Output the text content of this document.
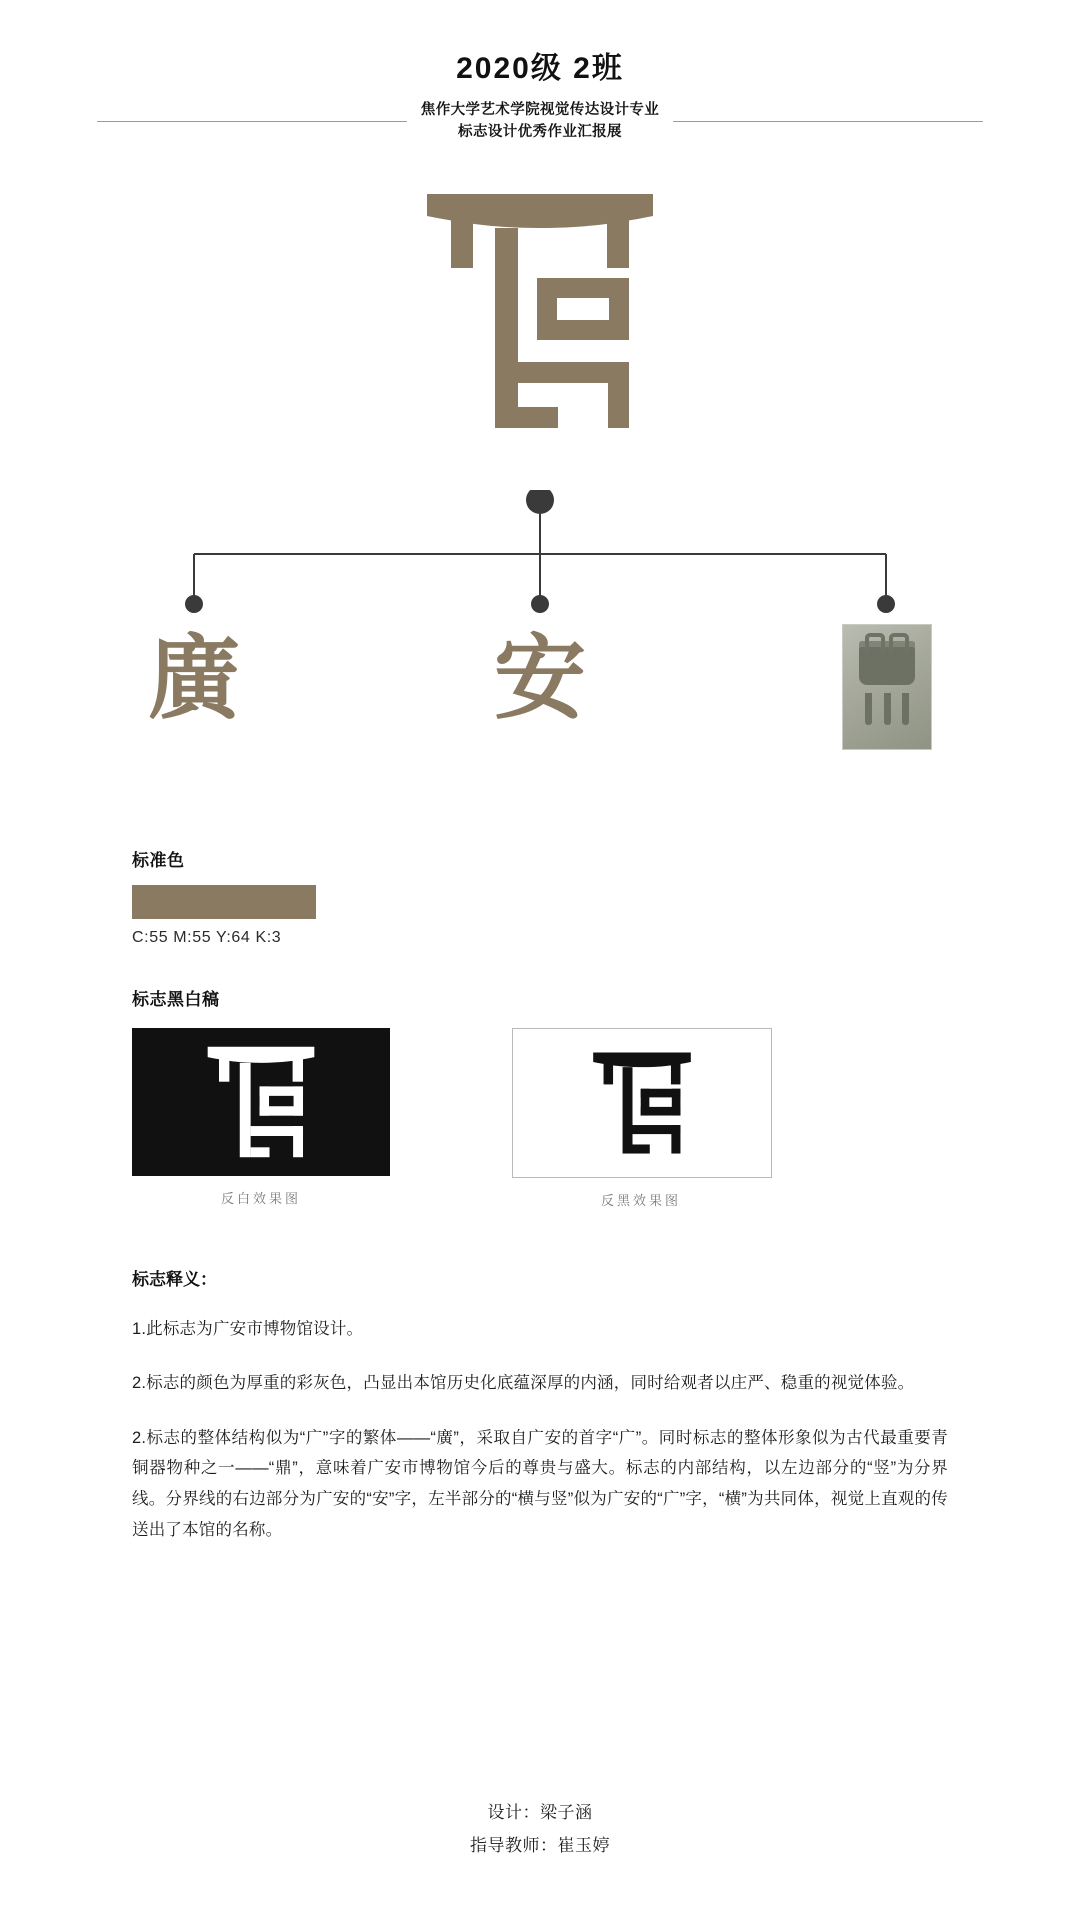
2020级 2班
焦作大学艺术学院视觉传达设计专业
标志设计优秀作业汇报展
廣	安
标准色
C:55 M:55 Y:64 K:3
标志黑白稿
反白效果图	反黑效果图
标志释义：

1.此标志为广安市博物馆设计。

2.标志的颜色为厚重的彩灰色，凸显出本馆历史化底蕴深厚的内涵，同时给观者以庄严、稳重的视觉体验。

2.标志的整体结构似为“广”字的繁体——“廣”，采取自广安的首字“广”。同时标志的整体形象似为古代最重要青铜器物种之一——“鼎”，意味着广安市博物馆今后的尊贵与盛大。标志的内部结构，以左边部分的“竖”为分界线。分界线的右边部分为广安的“安”字，左半部分的“横与竖”似为广安的“广”字，“横”为共同体，视觉上直观的传送出了本馆的名称。

设计：梁子涵
指导教师：崔玉婷
